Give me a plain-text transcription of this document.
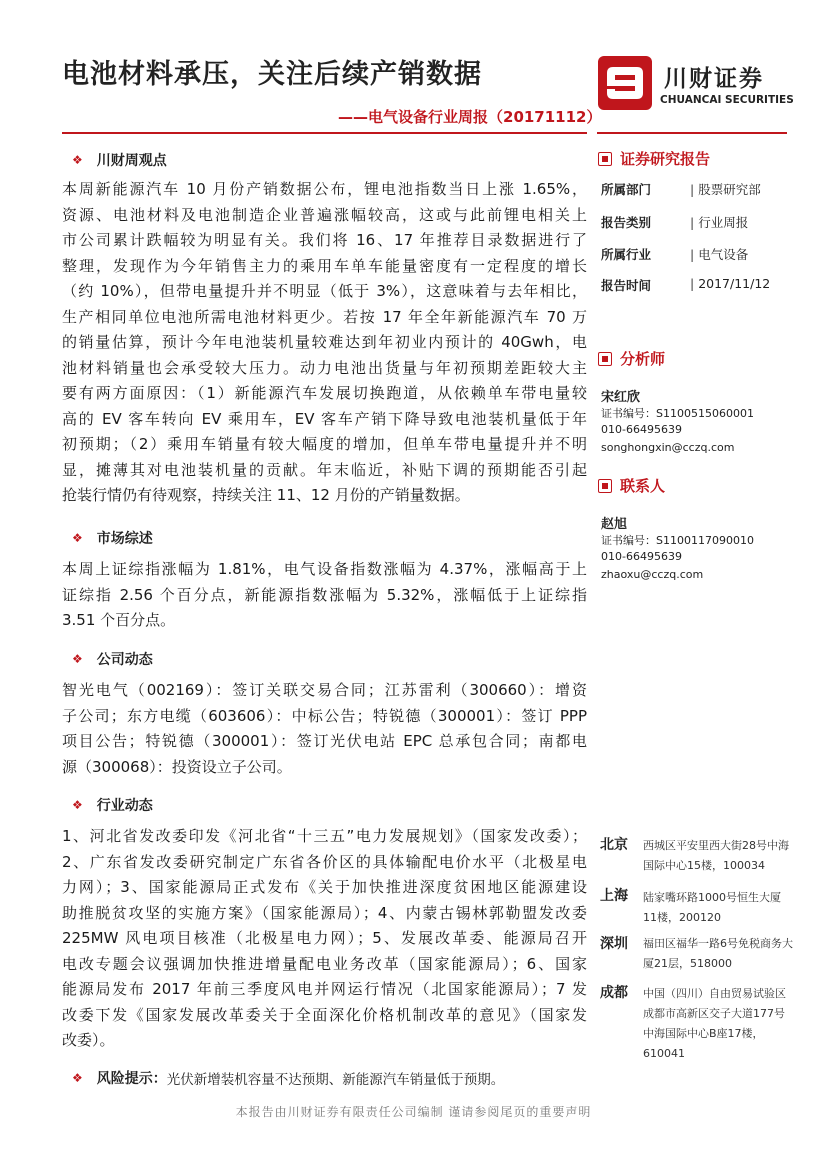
电池材料承压，关注后续产销数据
——电气设备行业周报（20171112）
川财证券
CHUANCAI SECURITIES
❖ 川财周观点
本周新能源汽车 10 月份产销数据公布，锂电池指数当日上涨 1.65%，
资源、电池材料及电池制造企业普遍涨幅较高，这或与此前锂电相关上
市公司累计跌幅较为明显有关。我们将 16、17 年推荐目录数据进行了
整理，发现作为今年销售主力的乘用车单车能量密度有一定程度的增长
（约 10%），但带电量提升并不明显（低于 3%），这意味着与去年相比，
生产相同单位电池所需电池材料更少。若按 17 年全年新能源汽车 70 万
的销量估算，预计今年电池装机量较难达到年初业内预计的 40Gwh，电
池材料销量也会承受较大压力。动力电池出货量与年初预期差距较大主
要有两方面原因：（1）新能源汽车发展切换跑道，从依赖单车带电量较
高的 EV 客车转向 EV 乘用车，EV 客车产销下降导致电池装机量低于年
初预期；（2）乘用车销量有较大幅度的增加，但单车带电量提升并不明
显，摊薄其对电池装机量的贡献。年末临近，补贴下调的预期能否引起
抢装行情仍有待观察，持续关注 11、12 月份的产销量数据。
❖ 市场综述
本周上证综指涨幅为 1.81%，电气设备指数涨幅为 4.37%，涨幅高于上
证综指 2.56 个百分点，新能源指数涨幅为 5.32%，涨幅低于上证综指
3.51 个百分点。
❖ 公司动态
智光电气（002169）：签订关联交易合同；江苏雷利（300660）：增资
子公司；东方电缆（603606）：中标公告；特锐德（300001）：签订 PPP
项目公告；特锐德（300001）：签订光伏电站 EPC 总承包合同；南都电
源（300068）：投资设立子公司。
❖ 行业动态
1、河北省发改委印发《河北省“十三五”电力发展规划》（国家发改委）；
2、广东省发改委研究制定广东省各价区的具体输配电价水平（北极星电
力网）；3、国家能源局正式发布《关于加快推进深度贫困地区能源建设
助推脱贫攻坚的实施方案》（国家能源局）；4、内蒙古锡林郭勒盟发改委
225MW 风电项目核准（北极星电力网）；5、发展改革委、能源局召开
电改专题会议强调加快推进增量配电业务改革（国家能源局）；6、国家
能源局发布 2017 年前三季度风电并网运行情况（北国家能源局）；7 发
改委下发《国家发展改革委关于全面深化价格机制改革的意见》（国家发
改委）。
❖ 风险提示： 光伏新增装机容量不达预期、新能源汽车销量低于预期。
证券研究报告
所属部门	| 股票研究部
报告类别	| 行业周报
所属行业	| 电气设备
报告时间	| 2017/11/12
分析师
宋红欣
证书编号：S1100515060001
010-66495639
songhongxin@cczq.com
联系人
赵旭
证书编号：S1100117090010
010-66495639
zhaoxu@cczq.com
北京 西城区平安里西大街28号中海国际中心15楼，100034
上海 陆家嘴环路1000号恒生大厦11楼，200120
深圳 福田区福华一路6号免税商务大厦21层，518000
成都 中国（四川）自由贸易试验区成都市高新区交子大道177号中海国际中心B座17楼，610041
本报告由川财证券有限责任公司编制 谨请参阅尾页的重要声明
